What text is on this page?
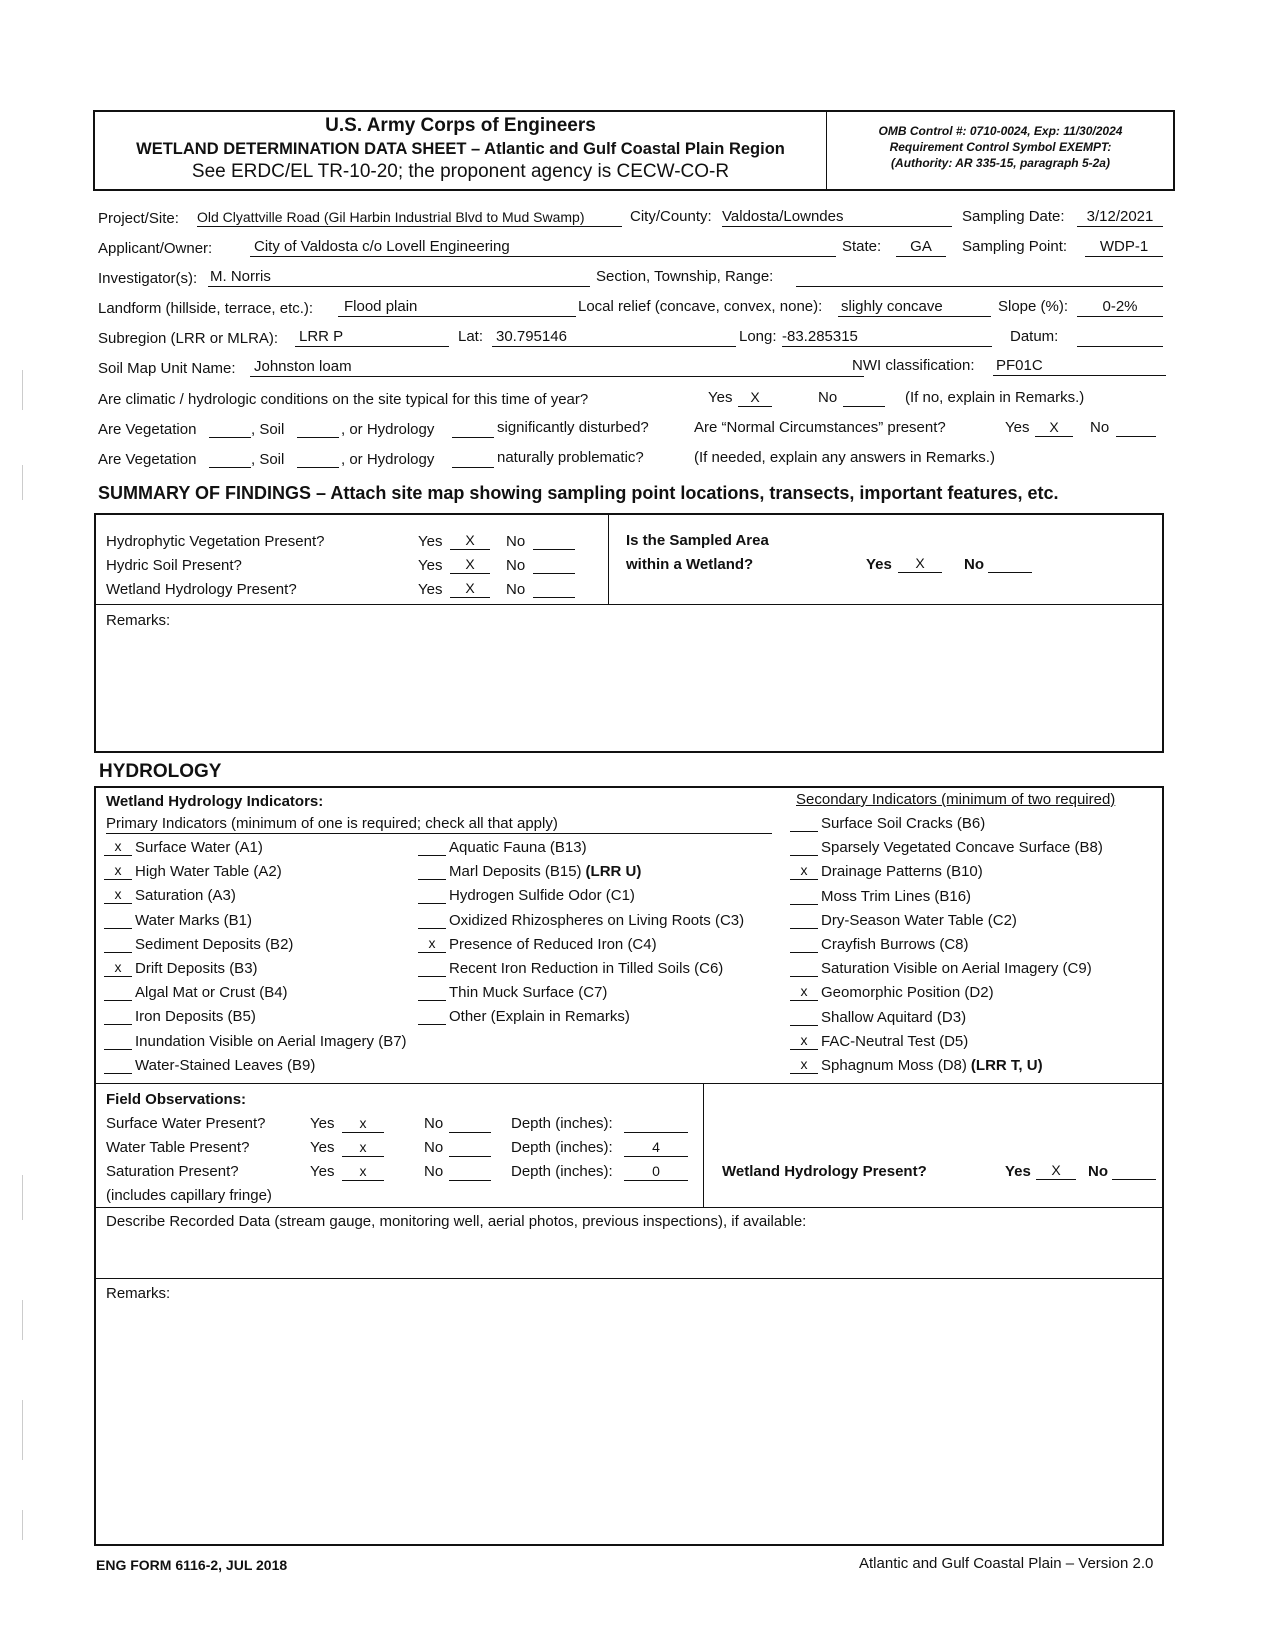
U.S. Army Corps of Engineers
WETLAND DETERMINATION DATA SHEET – Atlantic and Gulf Coastal Plain Region
See ERDC/EL TR-10-20; the proponent agency is CECW-CO-R
OMB Control #: 0710-0024, Exp: 11/30/2024
Requirement Control Symbol EXEMPT:
(Authority: AR 335-15, paragraph 5-2a)
Project/Site: Old Clyattville Road (Gil Harbin Industrial Blvd to Mud Swamp)	City/County: Valdosta/Lowndes	Sampling Date:	3/12/2021
Applicant/Owner:	City of Valdosta c/o Lovell Engineering	State:	GA	Sampling Point:	WDP-1
Investigator(s): M. Norris	Section, Township, Range:
Landform (hillside, terrace, etc.):	Flood plain	Local relief (concave, convex, none): slighly concave	Slope (%):	0-2%
Subregion (LRR or MLRA): LRR P	Lat: 30.795146	Long: -83.285315	Datum:
Soil Map Unit Name: Johnston loam	NWI classification: PF01C
Are climatic / hydrologic conditions on the site typical for this time of year?	Yes	X	No	(If no, explain in Remarks.)
Are Vegetation	, Soil	, or Hydrology	significantly disturbed?	Are “Normal Circumstances” present?	Yes	X	No
Are Vegetation	, Soil	, or Hydrology	naturally problematic?	(If needed, explain any answers in Remarks.)
SUMMARY OF FINDINGS – Attach site map showing sampling point locations, transects, important features, etc.
Hydrophytic Vegetation Present?	Yes	X	No
Hydric Soil Present?	Yes	X	No
Wetland Hydrology Present?	Yes	X	No
Is the Sampled Area
within a Wetland?	Yes	X	No
Remarks:
HYDROLOGY
Wetland Hydrology Indicators:
Primary Indicators (minimum of one is required; check all that apply)
Secondary Indicators (minimum of two required)
x Surface Water (A1)
x High Water Table (A2)
x Saturation (A3)
Water Marks (B1)
Sediment Deposits (B2)
x Drift Deposits (B3)
Algal Mat or Crust (B4)
Iron Deposits (B5)
Inundation Visible on Aerial Imagery (B7)
Water-Stained Leaves (B9)
Aquatic Fauna (B13)
Marl Deposits (B15) (LRR U)
Hydrogen Sulfide Odor (C1)
Oxidized Rhizospheres on Living Roots (C3)
x Presence of Reduced Iron (C4)
Recent Iron Reduction in Tilled Soils (C6)
Thin Muck Surface (C7)
Other (Explain in Remarks)
Surface Soil Cracks (B6)
Sparsely Vegetated Concave Surface (B8)
x Drainage Patterns (B10)
Moss Trim Lines (B16)
Dry-Season Water Table (C2)
Crayfish Burrows (C8)
Saturation Visible on Aerial Imagery (C9)
x Geomorphic Position (D2)
Shallow Aquitard (D3)
x FAC-Neutral Test (D5)
x Sphagnum Moss (D8) (LRR T, U)
Field Observations:
Surface Water Present?	Yes	x	No	Depth (inches):
Water Table Present?	Yes	x	No	Depth (inches):	4
Saturation Present?	Yes	x	No	Depth (inches):	0
(includes capillary fringe)
Wetland Hydrology Present?	Yes	X	No
Describe Recorded Data (stream gauge, monitoring well, aerial photos, previous inspections), if available:
Remarks:
ENG FORM 6116-2, JUL 2018	Atlantic and Gulf Coastal Plain – Version 2.0
